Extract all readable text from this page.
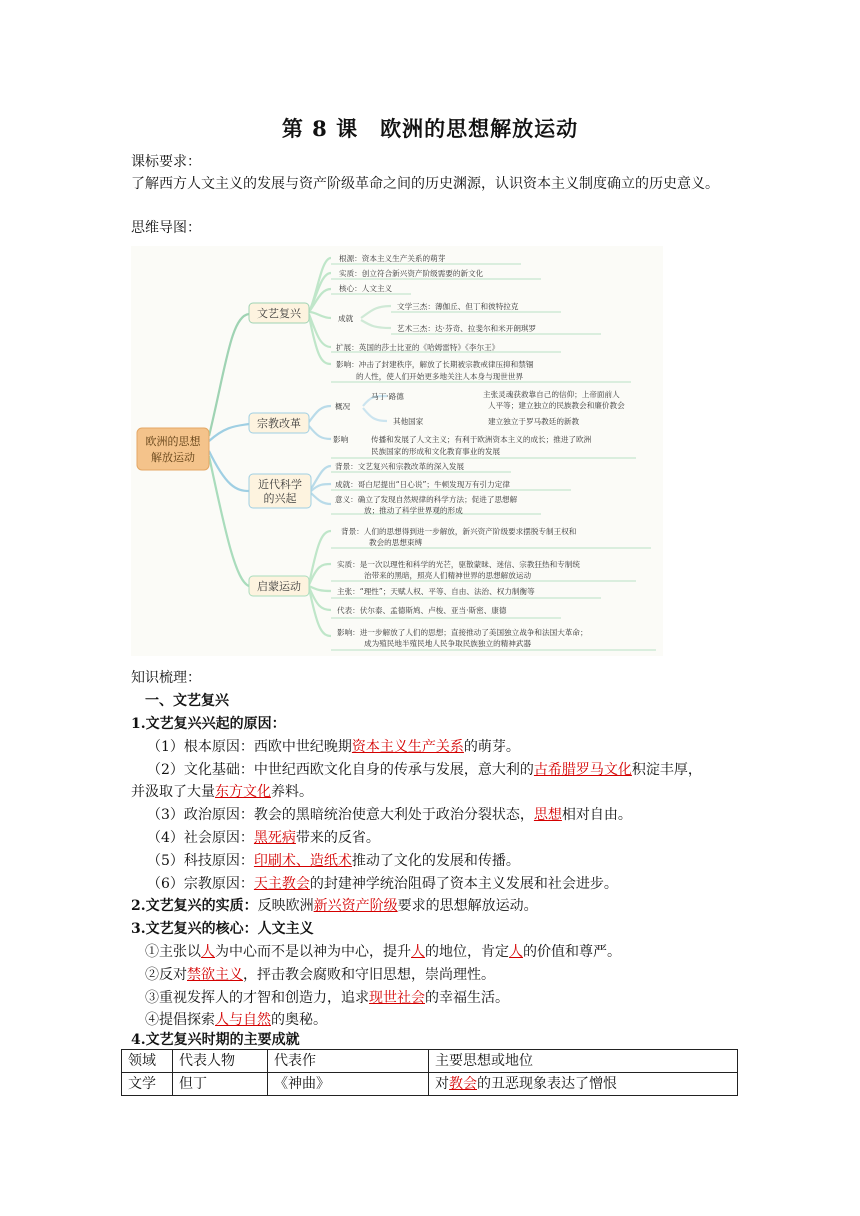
第 8 课　欧洲的思想解放运动
课标要求：
了解西方人文主义的发展与资产阶级革命之间的历史渊源，认识资本主义制度确立的历史意义。
思维导图：
欧洲的思想
解放运动
文艺复兴
宗教改革
近代科学
的兴起
启蒙运动
根源：资本主义生产关系的萌芽
实质：创立符合新兴资产阶级需要的新文化
核心：人文主义
成就
文学三杰：薄伽丘、但丁和彼特拉克
艺术三杰：达·芬奇、拉斐尔和米开朗琪罗
扩展：英国的莎士比亚的《哈姆雷特》《李尔王》
影响：冲击了封建秩序，解放了长期被宗教戒律压抑和禁锢
的人性，使人们开始更多地关注人本身与现世世界
概况
马丁·路德	主张灵魂获救靠自己的信仰；上帝面前人
人平等；建立独立的民族教会和廉价教会
其他国家	建立独立于罗马教廷的新教
影响	传播和发展了人文主义；有利于欧洲资本主义的成长；推进了欧洲
民族国家的形成和文化教育事业的发展
背景：文艺复兴和宗教改革的深入发展
成就：哥白尼提出“日心说”；牛顿发现万有引力定律
意义：确立了发现自然规律的科学方法；促进了思想解
放；推动了科学世界观的形成
背景：人们的思想得到进一步解放，新兴资产阶级要求摆脱专制王权和
教会的思想束缚
实质：是一次以理性和科学的光芒，驱散蒙昧、迷信、宗教狂热和专制统
治带来的黑暗，照亮人们精神世界的思想解放运动
主张：“理性”；天赋人权、平等、自由、法治、权力制衡等
代表：伏尔泰、孟德斯鸠、卢梭、亚当·斯密、康德
影响：进一步解放了人们的思想；直接推动了美国独立战争和法国大革命；
成为殖民地半殖民地人民争取民族独立的精神武器
知识梳理：
一、文艺复兴
1.文艺复兴兴起的原因：
（1）根本原因：西欧中世纪晚期资本主义生产关系的萌芽。
（2）文化基础：中世纪西欧文化自身的传承与发展，意大利的古希腊罗马文化积淀丰厚，
并汲取了大量东方文化养料。
（3）政治原因：教会的黑暗统治使意大利处于政治分裂状态，思想相对自由。
（4）社会原因：黑死病带来的反省。
（5）科技原因：印刷术、造纸术推动了文化的发展和传播。
（6）宗教原因：天主教会的封建神学统治阻碍了资本主义发展和社会进步。
2.文艺复兴的实质：反映欧洲新兴资产阶级要求的思想解放运动。
3.文艺复兴的核心：人文主义
①主张以人为中心而不是以神为中心，提升人的地位，肯定人的价值和尊严。
②反对禁欲主义，抨击教会腐败和守旧思想，崇尚理性。
③重视发挥人的才智和创造力，追求现世社会的幸福生活。
④提倡探索人与自然的奥秘。
4.文艺复兴时期的主要成就
领域	代表人物	代表作	主要思想或地位
文学	但丁	《神曲》	对教会的丑恶现象表达了憎恨
